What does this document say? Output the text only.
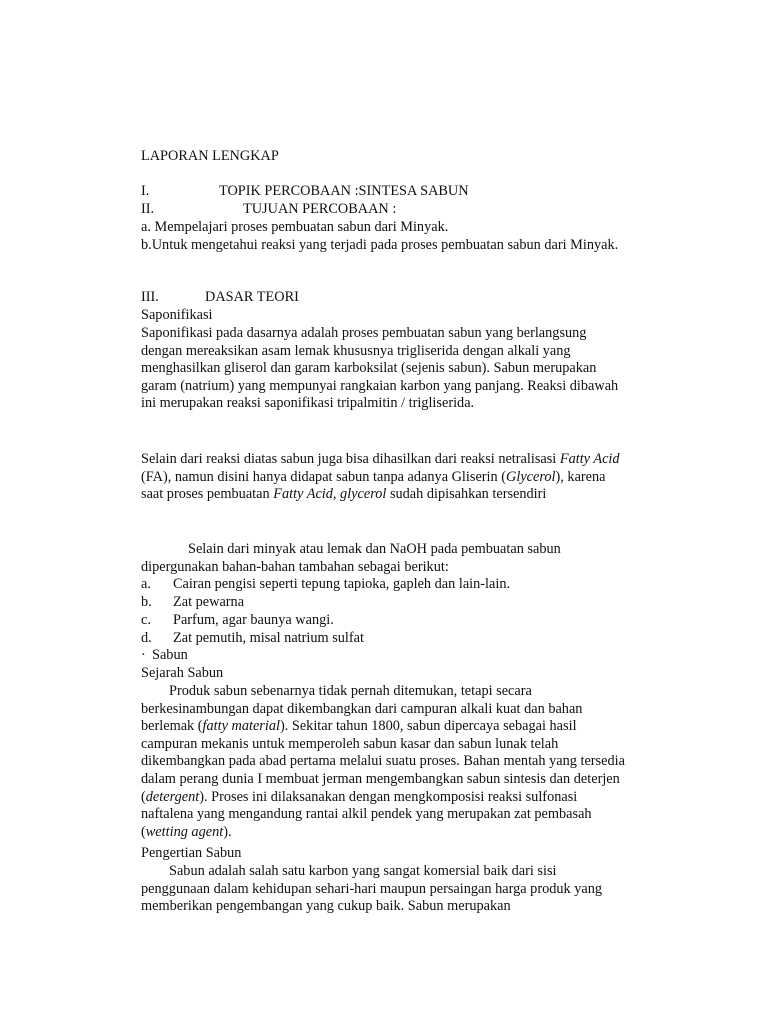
LAPORAN LENGKAP

I.	TOPIK PERCOBAAN :SINTESA SABUN
II.	TUJUAN PERCOBAAN :

a. Mempelajari proses pembuatan sabun dari Minyak.

b.Untuk mengetahui reaksi yang terjadi pada proses pembuatan sabun dari Minyak.

III.	DASAR TEORI

Saponifikasi

Saponifikasi pada dasarnya adalah proses pembuatan sabun yang berlangsung dengan mereaksikan asam lemak khususnya trigliserida dengan alkali yang menghasilkan gliserol dan garam karboksilat (sejenis sabun). Sabun merupakan garam (natrium) yang mempunyai rangkaian karbon yang panjang. Reaksi dibawah ini merupakan reaksi saponifikasi tripalmitin / trigliserida.

Selain dari reaksi diatas sabun juga bisa dihasilkan dari reaksi netralisasi Fatty Acid (FA), namun disini hanya didapat sabun tanpa adanya Gliserin (Glycerol), karena saat proses pembuatan Fatty Acid, glycerol sudah dipisahkan tersendiri

Selain dari minyak atau lemak dan NaOH pada pembuatan sabun dipergunakan bahan-bahan tambahan sebagai berikut:

a. Cairan pengisi seperti tepung tapioka, gapleh dan lain-lain.
b. Zat pewarna
c. Parfum, agar baunya wangi.
d. Zat pemutih, misal natrium sulfat
· Sabun

Sejarah Sabun

Produk sabun sebenarnya tidak pernah ditemukan, tetapi secara berkesinambungan dapat dikembangkan dari campuran alkali kuat dan bahan berlemak (fatty material). Sekitar tahun 1800, sabun dipercaya sebagai hasil campuran mekanis untuk memperoleh sabun kasar dan sabun lunak telah dikembangkan pada abad pertama melalui suatu proses. Bahan mentah yang tersedia dalam perang dunia I membuat jerman mengembangkan sabun sintesis dan deterjen (detergent). Proses ini dilaksanakan dengan mengkomposisi reaksi sulfonasi naftalena yang mengandung rantai alkil pendek yang merupakan zat pembasah (wetting agent).

Pengertian Sabun

Sabun adalah salah satu karbon yang sangat komersial baik dari sisi penggunaan dalam kehidupan sehari-hari maupun persaingan harga produk yang memberikan pengembangan yang cukup baik. Sabun merupakan
